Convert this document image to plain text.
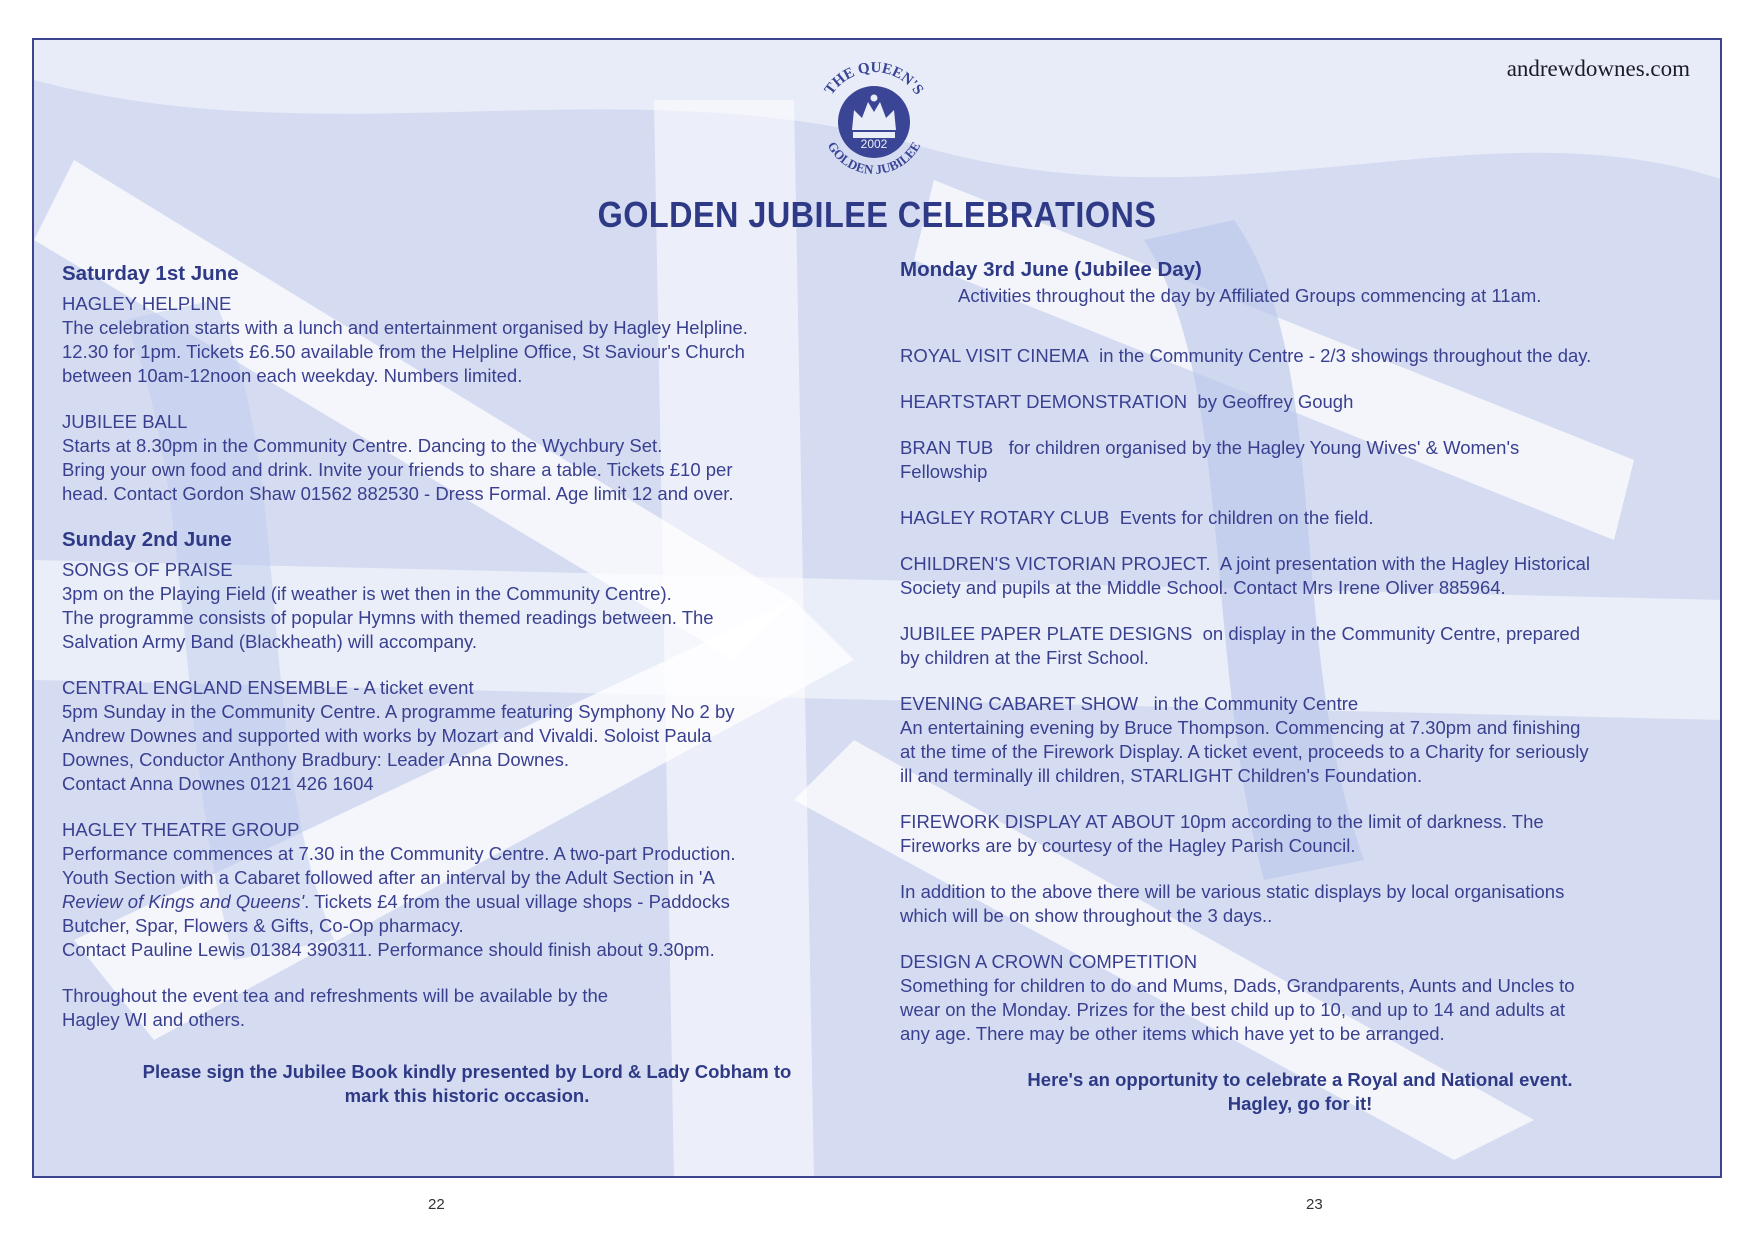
andrewdownes.com
THE QUEEN'S
GOLDEN JUBILEE
2002
GOLDEN JUBILEE CELEBRATIONS
Saturday 1st June

HAGLEY HELPLINE

The celebration starts with a lunch and entertainment organised by Hagley Helpline.

12.30 for 1pm. Tickets £6.50 available from the Helpline Office, St Saviour's Church

between 10am-12noon each weekday. Numbers limited.

JUBILEE BALL

Starts at 8.30pm in the Community Centre. Dancing to the Wychbury Set.

Bring your own food and drink. Invite your friends to share a table. Tickets £10 per

head. Contact Gordon Shaw 01562 882530 - Dress Formal. Age limit 12 and over.

Sunday 2nd June

SONGS OF PRAISE

3pm on the Playing Field (if weather is wet then in the Community Centre).

The programme consists of popular Hymns with themed readings between. The

Salvation Army Band (Blackheath) will accompany.

CENTRAL ENGLAND ENSEMBLE - A ticket event

5pm Sunday in the Community Centre. A programme featuring Symphony No 2 by

Andrew Downes and supported with works by Mozart and Vivaldi. Soloist Paula

Downes, Conductor Anthony Bradbury: Leader Anna Downes.

Contact Anna Downes 0121 426 1604

HAGLEY THEATRE GROUP

Performance commences at 7.30 in the Community Centre. A two-part Production.

Youth Section with a Cabaret followed after an interval by the Adult Section in 'A

Review of Kings and Queens'. Tickets £4 from the usual village shops - Paddocks

Butcher, Spar, Flowers & Gifts, Co-Op pharmacy.

Contact Pauline Lewis 01384 390311. Performance should finish about 9.30pm.

Throughout the event tea and refreshments will be available by the

Hagley WI and others.

Please sign the Jubilee Book kindly presented by Lord & Lady Cobham to

mark this historic occasion.

Monday 3rd June (Jubilee Day)
Activities throughout the day by Affiliated Groups commencing at 11am.
ROYAL VISIT CINEMA in the Community Centre - 2/3 showings throughout the day.
HEARTSTART DEMONSTRATION by Geoffrey Gough

BRAN TUB for children organised by the Hagley Young Wives' & Women's

Fellowship

HAGLEY ROTARY CLUB Events for children on the field.

CHILDREN'S VICTORIAN PROJECT. A joint presentation with the Hagley Historical

Society and pupils at the Middle School. Contact Mrs Irene Oliver 885964.

JUBILEE PAPER PLATE DESIGNS on display in the Community Centre, prepared

by children at the First School.

EVENING CABARET SHOW in the Community Centre

An entertaining evening by Bruce Thompson. Commencing at 7.30pm and finishing

at the time of the Firework Display. A ticket event, proceeds to a Charity for seriously

ill and terminally ill children, STARLIGHT Children's Foundation.

FIREWORK DISPLAY AT ABOUT 10pm according to the limit of darkness. The

Fireworks are by courtesy of the Hagley Parish Council.

In addition to the above there will be various static displays by local organisations

which will be on show throughout the 3 days..

DESIGN A CROWN COMPETITION

Something for children to do and Mums, Dads, Grandparents, Aunts and Uncles to

wear on the Monday. Prizes for the best child up to 10, and up to 14 and adults at

any age. There may be other items which have yet to be arranged.

Here's an opportunity to celebrate a Royal and National event.

Hagley, go for it!

22	23
